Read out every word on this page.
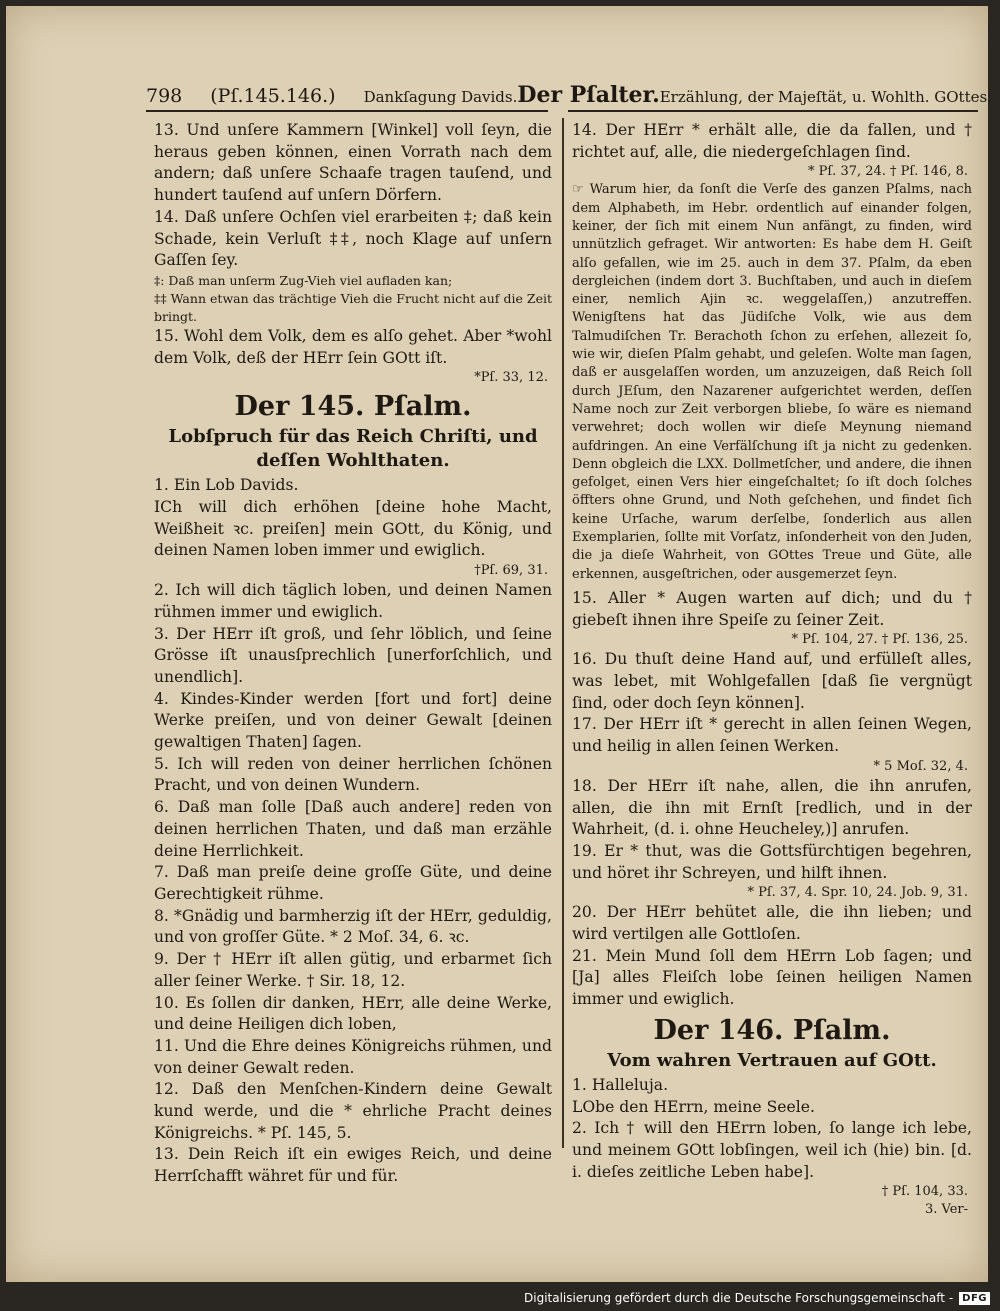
798 (Pſ.145.146.) Dankſagung Davids. Der Pſalter. Erzählung, der Majeſtät, u. Wohlth. GOttes.

13. Und unſere Kammern [Winkel] voll ſeyn, die heraus geben können, einen Vorrath nach dem andern; daß unſere Schaafe tragen tauſend, und hundert tauſend auf unſern Dörfern.

14. Daß unſere Ochſen viel erarbeiten ‡; daß kein Schade, kein Verluſt ‡‡, noch Klage auf unſern Gaſſen ſey.

‡: Daß man unſerm Zug-Vieh viel aufladen kan;

‡‡ Wann etwan das trächtige Vieh die Frucht nicht auf die Zeit bringt.

15. Wohl dem Volk, dem es alſo gehet. Aber *wohl dem Volk, deß der HErr ſein GOtt iſt.

*Pſ. 33, 12.

Der 145. Pſalm.

Lobſpruch für das Reich Chriſti, und deſſen Wohlthaten.

1. Ein Lob Davids.

ICh will dich erhöhen [deine hohe Macht, Weißheit ꝛc. preiſen] mein GOtt, du König, und deinen Namen loben immer und ewiglich.

†Pſ. 69, 31.

2. Ich will dich täglich loben, und deinen Namen rühmen immer und ewiglich.

3. Der HErr iſt groß, und ſehr löblich, und ſeine Grösse iſt unausſprechlich [unerforſchlich, und unendlich].

4. Kindes-Kinder werden [fort und fort] deine Werke preiſen, und von deiner Gewalt [deinen gewaltigen Thaten] ſagen.

5. Ich will reden von deiner herrlichen ſchönen Pracht, und von deinen Wundern.

6. Daß man ſolle [Daß auch andere] reden von deinen herrlichen Thaten, und daß man erzähle deine Herrlichkeit.

7. Daß man preiſe deine groſſe Güte, und deine Gerechtigkeit rühme.

8. *Gnädig und barmherzig iſt der HErr, geduldig, und von groſſer Güte. * 2 Moſ. 34, 6. ꝛc.

9. Der † HErr iſt allen gütig, und erbarmet ſich aller ſeiner Werke. † Sir. 18, 12.

10. Es ſollen dir danken, HErr, alle deine Werke, und deine Heiligen dich loben,

11. Und die Ehre deines Königreichs rühmen, und von deiner Gewalt reden.

12. Daß den Menſchen-Kindern deine Gewalt kund werde, und die * ehrliche Pracht deines Königreichs. * Pſ. 145, 5.

13. Dein Reich iſt ein ewiges Reich, und deine Herrſchafft währet für und für.

14. Der HErr * erhält alle, die da fallen, und † richtet auf, alle, die niedergeſchlagen ſind.

* Pſ. 37, 24. † Pſ. 146, 8.

☞ Warum hier, da ſonſt die Verſe des ganzen Pſalms, nach dem Alphabeth, im Hebr. ordentlich auf einander folgen, keiner, der ſich mit einem Nun anfängt, zu finden, wird unnützlich gefraget. Wir antworten: Es habe dem H. Geiſt alſo gefallen, wie im 25. auch in dem 37. Pſalm, da eben dergleichen (indem dort 3. Buchſtaben, und auch in dieſem einer, nemlich Ajin ꝛc. weggelaſſen,) anzutreffen. Wenigſtens hat das Jüdiſche Volk, wie aus dem Talmudiſchen Tr. Berachoth ſchon zu erſehen, allezeit ſo, wie wir, dieſen Pſalm gehabt, und geleſen. Wolte man ſagen, daß er ausgelaſſen worden, um anzuzeigen, daß Reich ſoll durch JEſum, den Nazarener aufgerichtet werden, deſſen Name noch zur Zeit verborgen bliebe, ſo wäre es niemand verwehret; doch wollen wir dieſe Meynung niemand aufdringen. An eine Verfälſchung iſt ja nicht zu gedenken. Denn obgleich die LXX. Dollmetſcher, und andere, die ihnen gefolget, einen Vers hier eingeſchaltet; ſo iſt doch ſolches öffters ohne Grund, und Noth geſchehen, und findet ſich keine Urſache, warum derſelbe, ſonderlich aus allen Exemplarien, ſollte mit Vorſatz, inſonderheit von den Juden, die ja dieſe Wahrheit, von GOttes Treue und Güte, alle erkennen, ausgeſtrichen, oder ausgemerzet ſeyn.

15. Aller * Augen warten auf dich; und du † giebeſt ihnen ihre Speiſe zu ſeiner Zeit.

* Pſ. 104, 27. † Pſ. 136, 25.

16. Du thuſt deine Hand auf, und erfülleſt alles, was lebet, mit Wohlgefallen [daß ſie vergnügt ſind, oder doch ſeyn können].

17. Der HErr iſt * gerecht in allen ſeinen Wegen, und heilig in allen ſeinen Werken.

* 5 Moſ. 32, 4.

18. Der HErr iſt nahe, allen, die ihn anrufen, allen, die ihn mit Ernſt [redlich, und in der Wahrheit, (d. i. ohne Heucheley,)] anrufen.

19. Er * thut, was die Gottsfürchtigen begehren, und höret ihr Schreyen, und hilft ihnen.

* Pſ. 37, 4. Spr. 10, 24. Job. 9, 31.

20. Der HErr behütet alle, die ihn lieben; und wird vertilgen alle Gottloſen.

21. Mein Mund ſoll dem HErrn Lob ſagen; und [Ja] alles Fleiſch lobe ſeinen heiligen Namen immer und ewiglich.

Der 146. Pſalm.

Vom wahren Vertrauen auf GOtt.

1. Halleluja.

LObe den HErrn, meine Seele.

2. Ich † will den HErrn loben, ſo lange ich lebe, und meinem GOtt lobſingen, weil ich (hie) bin. [d. i. dieſes zeitliche Leben habe].

† Pſ. 104, 33.

3. Ver-

Digitalisierung gefördert durch die Deutsche Forschungsgemeinschaft - DFG
